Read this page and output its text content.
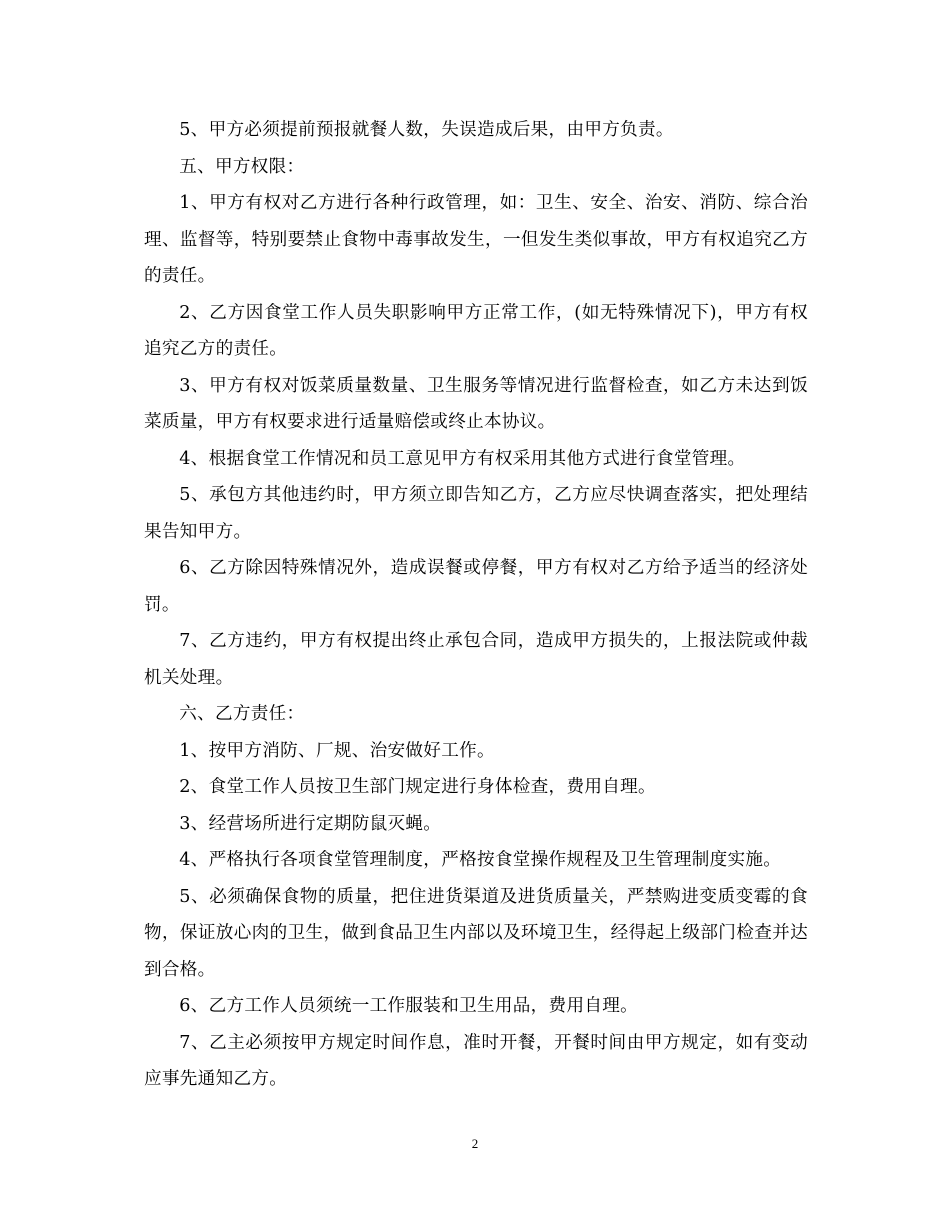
5、甲方必须提前预报就餐人数，失误造成后果，由甲方负责。

五、甲方权限：

1、甲方有权对乙方进行各种行政管理，如：卫生、安全、治安、消防、综合治理、监督等，特别要禁止食物中毒事故发生，一但发生类似事故，甲方有权追究乙方的责任。

2、乙方因食堂工作人员失职影响甲方正常工作，(如无特殊情况下)，甲方有权追究乙方的责任。

3、甲方有权对饭菜质量数量、卫生服务等情况进行监督检查，如乙方未达到饭菜质量，甲方有权要求进行适量赔偿或终止本协议。

4、根据食堂工作情况和员工意见甲方有权采用其他方式进行食堂管理。

5、承包方其他违约时，甲方须立即告知乙方，乙方应尽快调查落实，把处理结果告知甲方。

6、乙方除因特殊情况外，造成误餐或停餐，甲方有权对乙方给予适当的经济处罚。

7、乙方违约，甲方有权提出终止承包合同，造成甲方损失的，上报法院或仲裁机关处理。

六、乙方责任：

1、按甲方消防、厂规、治安做好工作。

2、食堂工作人员按卫生部门规定进行身体检查，费用自理。

3、经营场所进行定期防鼠灭蝇。

4、严格执行各项食堂管理制度，严格按食堂操作规程及卫生管理制度实施。

5、必须确保食物的质量，把住进货渠道及进货质量关，严禁购进变质变霉的食物，保证放心肉的卫生，做到食品卫生内部以及环境卫生，经得起上级部门检查并达到合格。

6、乙方工作人员须统一工作服装和卫生用品，费用自理。

7、乙主必须按甲方规定时间作息，准时开餐，开餐时间由甲方规定，如有变动应事先通知乙方。

2
